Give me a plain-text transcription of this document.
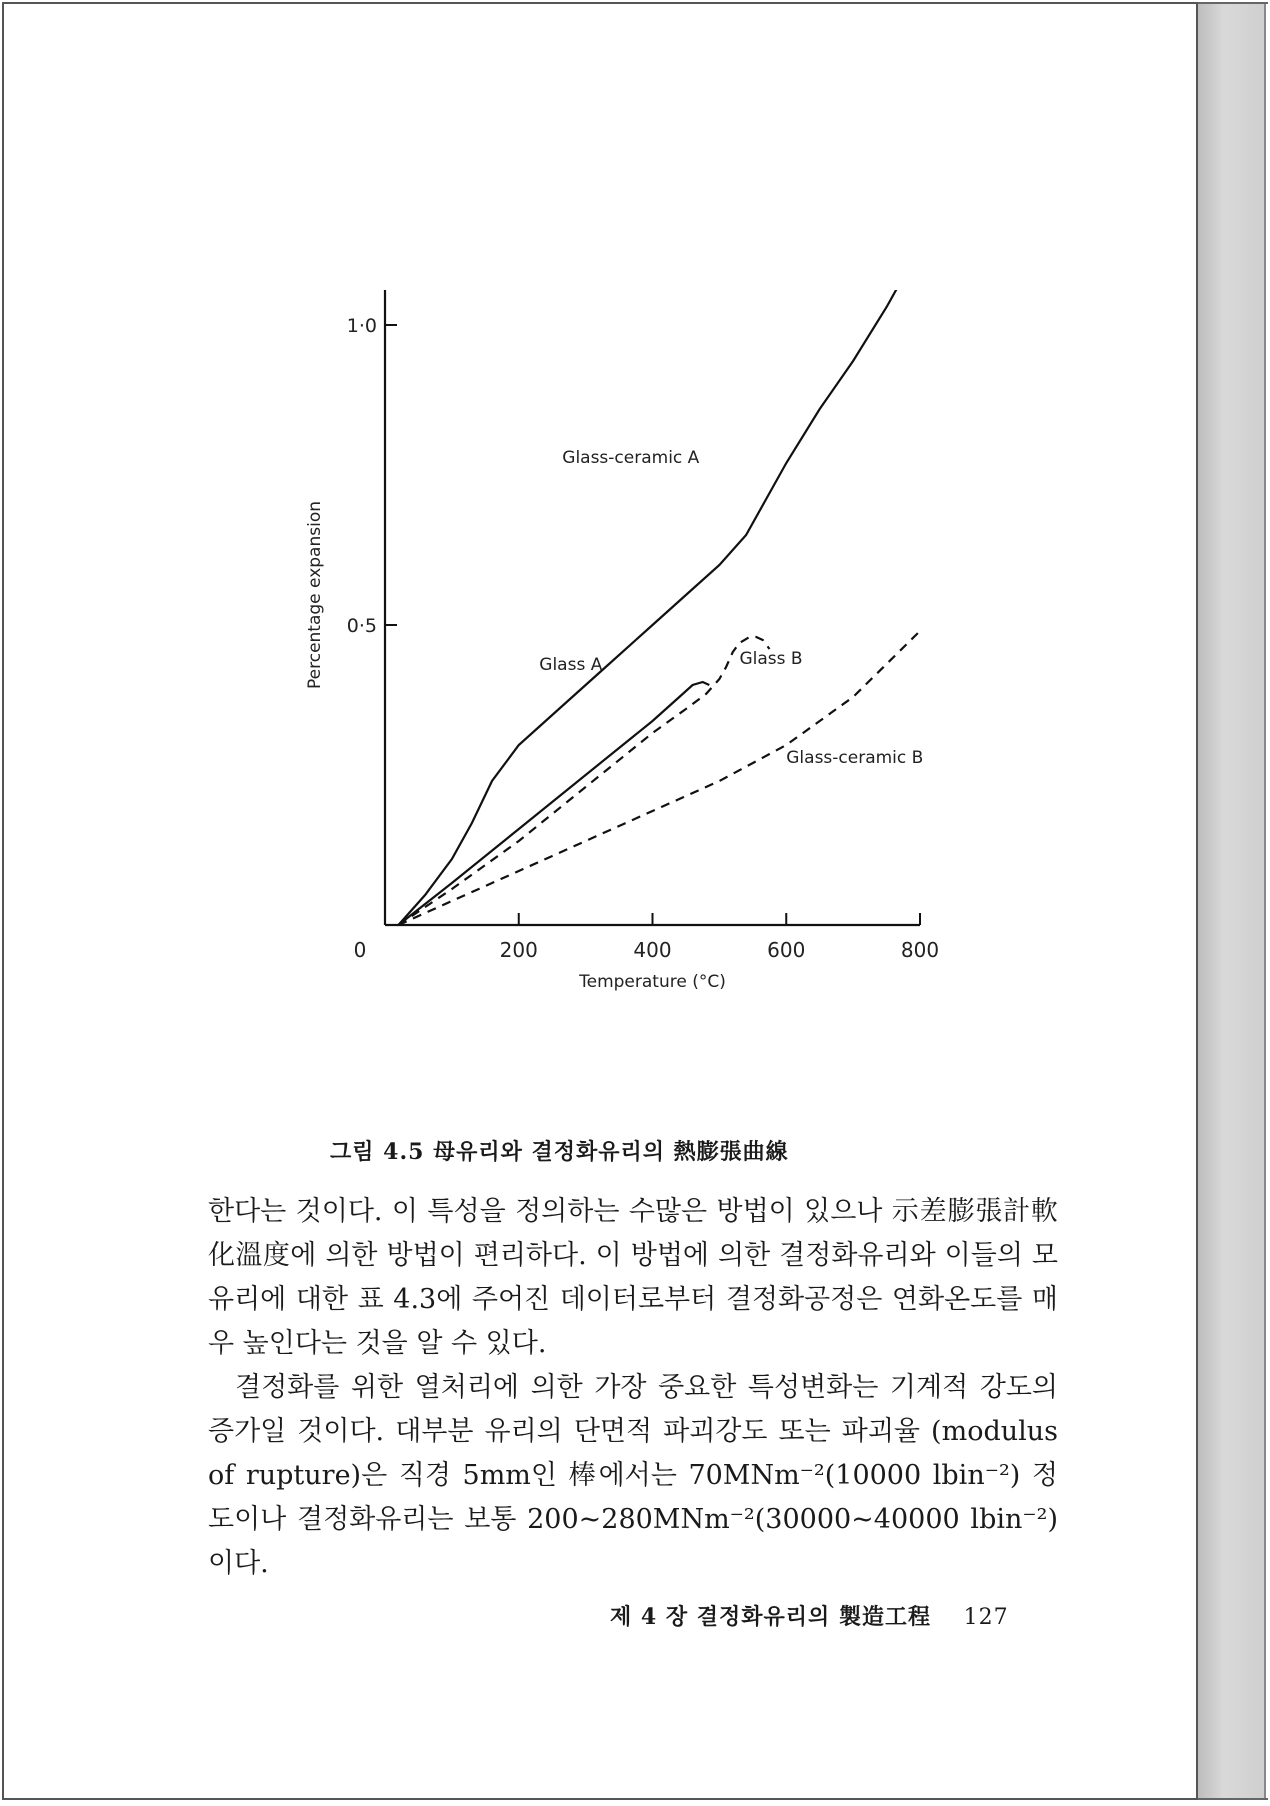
200	400	600	800
0
0·5
1·0
Temperature (°C)
Percentage expansion
Glass-ceramic A
Glass A	Glass B
Glass-ceramic B
그림 4.5 母유리와 결정화유리의 熱膨張曲線

한다는 것이다. 이 특성을 정의하는 수많은 방법이 있으나 示差膨張計軟化溫度에 의한 방법이 편리하다. 이 방법에 의한 결정화유리와 이들의 모유리에 대한 표 4.3에 주어진 데이터로부터 결정화공정은 연화온도를 매우 높인다는 것을 알 수 있다.

결정화를 위한 열처리에 의한 가장 중요한 특성변화는 기계적 강도의 증가일 것이다. 대부분 유리의 단면적 파괴강도 또는 파괴율 (modulus of rupture)은 직경 5mm인 棒에서는 70MNm⁻²(10000 lbin⁻²) 정도이나 결정화유리는 보통 200~280MNm⁻²(30000~40000 lbin⁻²)이다.

제 4 장 결정화유리의 製造工程 127
